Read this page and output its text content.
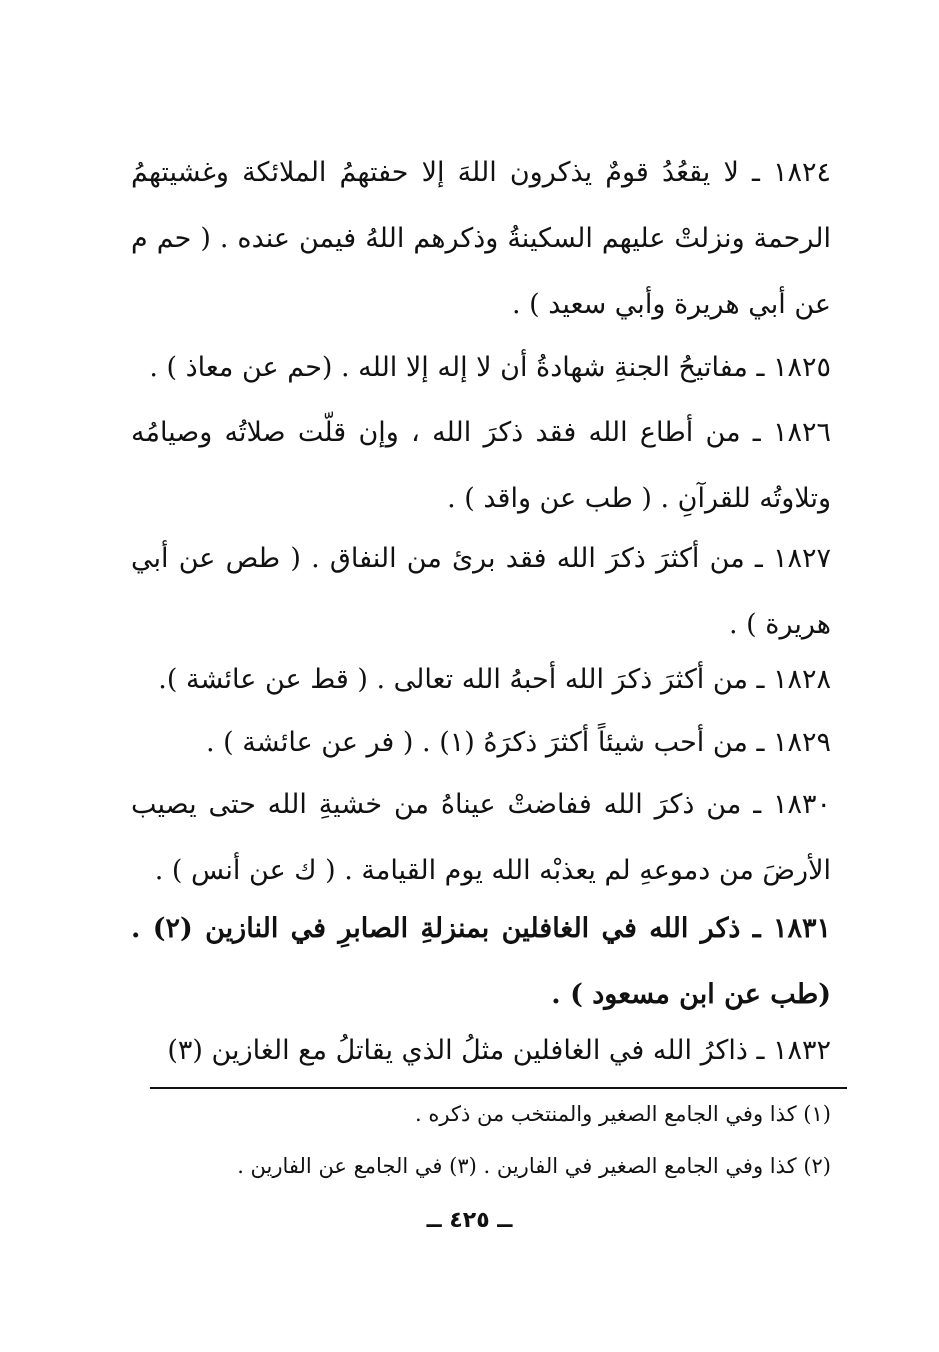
١٨٢٤ ـ لا يقعُدُ قومٌ يذكرون اللهَ إلا حفتهمُ الملائكة وغشيتهمُ الرحمة ونزلتْ عليهم السكينةُ وذكرهم اللهُ فيمن عنده . ( حم م عن أبي هريرة وأبي سعيد ) .

١٨٢٥ ـ مفاتيحُ الجنةِ شهادةُ أن لا إله إلا الله . (حم عن معاذ ) .

١٨٢٦ ـ من أطاع الله فقد ذكرَ الله ، وإن قلّت صلاتُه وصيامُه وتلاوتُه للقرآنِ . ( طب عن واقد ) .

١٨٢٧ ـ من أكثرَ ذكرَ الله فقد برئ من النفاق . ( طص عن أبي هريرة ) .

١٨٢٨ ـ من أكثرَ ذكرَ الله أحبهُ الله تعالى . ( قط عن عائشة ).

١٨٢٩ ـ من أحب شيئاً أكثرَ ذكرَهُ (١) . ( فر عن عائشة ) .

١٨٣٠ ـ من ذكرَ الله ففاضتْ عيناهُ من خشيةِ الله حتى يصيب الأرضَ من دموعهِ لم يعذبْه الله يوم القيامة . ( ك عن أنس ) .

١٨٣١ ـ ذكر الله في الغافلين بمنزلةِ الصابرِ في النازين (٢) . (طب عن ابن مسعود ) .

١٨٣٢ ـ ذاكرُ الله في الغافلين مثلُ الذي يقاتلُ مع الغازين (٣)

(١) كذا وفي الجامع الصغير والمنتخب من ذكره .
(٢) كذا وفي الجامع الصغير في الفارين . (٣) في الجامع عن الفارين .
ــ ٤٢٥ ــ
